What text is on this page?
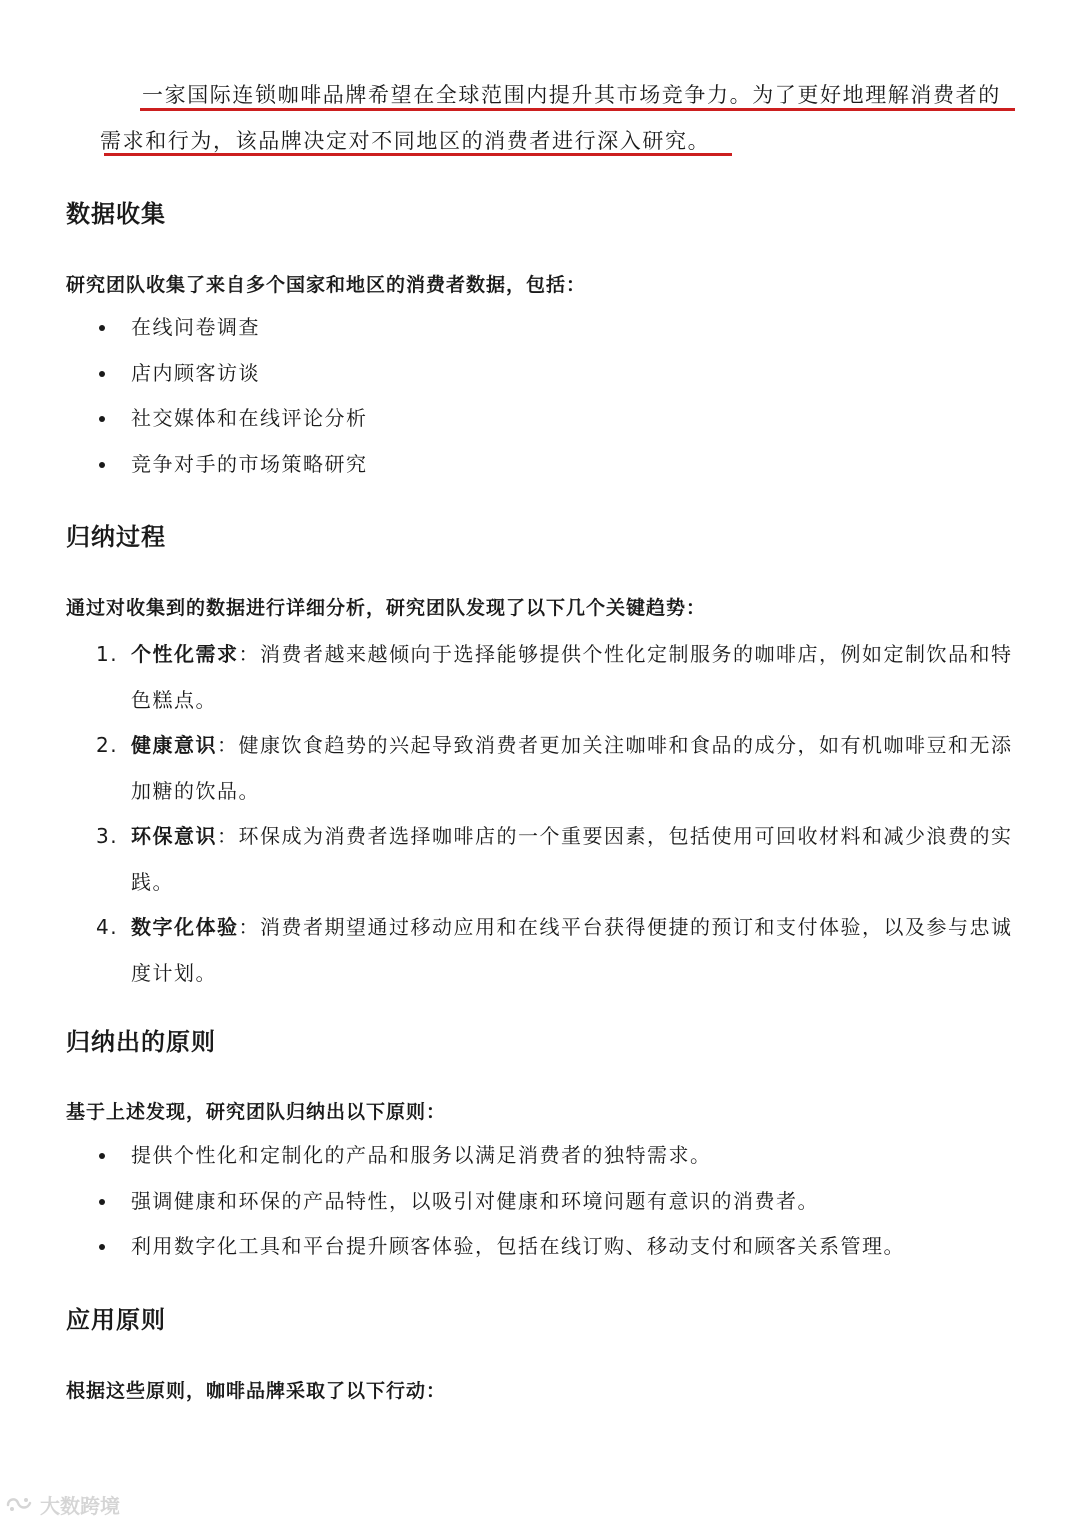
一家国际连锁咖啡品牌希望在全球范围内提升其市场竞争力。为了更好地理解消费者的
需求和行为，该品牌决定对不同地区的消费者进行深入研究。
数据收集

研究团队收集了来自多个国家和地区的消费者数据，包括：

在线问卷调查
店内顾客访谈
社交媒体和在线评论分析
竞争对手的市场策略研究
归纳过程

通过对收集到的数据进行详细分析，研究团队发现了以下几个关键趋势：

1. 个性化需求：消费者越来越倾向于选择能够提供个性化定制服务的咖啡店，例如定制饮品和特色糕点。
2. 健康意识：健康饮食趋势的兴起导致消费者更加关注咖啡和食品的成分，如有机咖啡豆和无添加糖的饮品。
3. 环保意识：环保成为消费者选择咖啡店的一个重要因素，包括使用可回收材料和减少浪费的实践。
4. 数字化体验：消费者期望通过移动应用和在线平台获得便捷的预订和支付体验，以及参与忠诚度计划。
归纳出的原则

基于上述发现，研究团队归纳出以下原则：

提供个性化和定制化的产品和服务以满足消费者的独特需求。
强调健康和环保的产品特性，以吸引对健康和环境问题有意识的消费者。
利用数字化工具和平台提升顾客体验，包括在线订购、移动支付和顾客关系管理。
应用原则

根据这些原则，咖啡品牌采取了以下行动：

大数跨境
